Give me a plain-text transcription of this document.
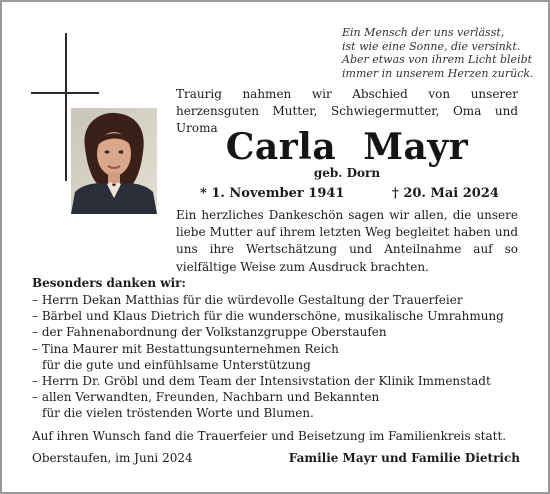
Ein Mensch der uns verlässt,
ist wie eine Sonne, die versinkt.
Aber etwas von ihrem Licht bleibt
immer in unserem Herzen zurück.
Traurig nahmen wir Abschied von unserer herzensguten Mutter, Schwiegermutter, Oma und Uroma Carla Mayr
geb. Dorn
* 1. November 1941	† 20. Mai 2024
Ein herzliches Dankeschön sagen wir allen, die unsere liebe Mutter auf ihrem letzten Weg begleitet haben und uns ihre Wertschätzung und Anteilnahme auf so vielfältige Weise zum Ausdruck brachten.
Besonders danken wir:
– Herrn Dekan Matthias für die würdevolle Gestaltung der Trauerfeier
– Bärbel und Klaus Dietrich für die wunderschöne, musikalische Umrahmung
– der Fahnenabordnung der Volkstanzgruppe Oberstaufen
– Tina Maurer mit Bestattungsunternehmen Reich
für die gute und einfühlsame Unterstützung
– Herrn Dr. Gröbl und dem Team der Intensivstation der Klinik Immenstadt
– allen Verwandten, Freunden, Nachbarn und Bekannten
für die vielen tröstenden Worte und Blumen.
Auf ihren Wunsch fand die Trauerfeier und Beisetzung im Familienkreis statt.
Oberstaufen, im Juni 2024	Familie Mayr und Familie Dietrich
